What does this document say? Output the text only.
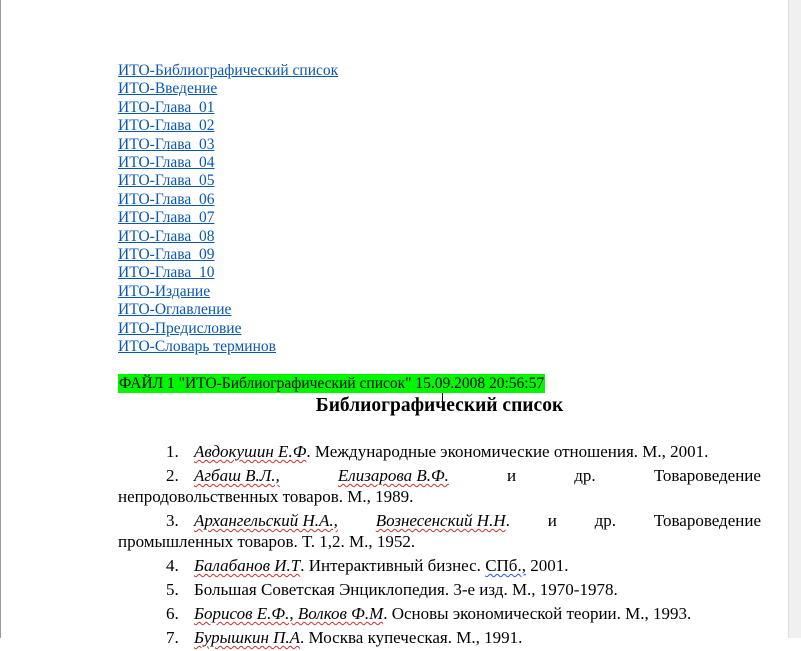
ИТО-Библиографический список
ИТО-Введение
ИТО-Глава_01
ИТО-Глава_02
ИТО-Глава_03
ИТО-Глава_04
ИТО-Глава_05
ИТО-Глава_06
ИТО-Глава_07
ИТО-Глава_08
ИТО-Глава_09
ИТО-Глава_10
ИТО-Издание
ИТО-Оглавление
ИТО-Предисловие
ИТО-Словарь терминов
ФАЙЛ 1 "ИТО-Библиографический список" 15.09.2008 20:56:57
Библиографический список
1. Авдокушин Е.Ф. Международные экономические отношения. М., 2001.
2. Агбаш В.Л.,	Елизарова В.Ф.	и	др.	Товароведение
непродовольственных товаров. М., 1989.
3. Архангельский Н.А., Вознесенский Н.Н. и др. Товароведение
промышленных товаров. Т. 1,2. М., 1952.
4. Балабанов И.Т. Интерактивный бизнес. СПб., 2001.
5. Большая Советская Энциклопедия. 3-е изд. М., 1970-1978.
6. Борисов Е.Ф., Волков Ф.М. Основы экономической теории. М., 1993.
7. Бурышкин П.А. Москва купеческая. М., 1991.
